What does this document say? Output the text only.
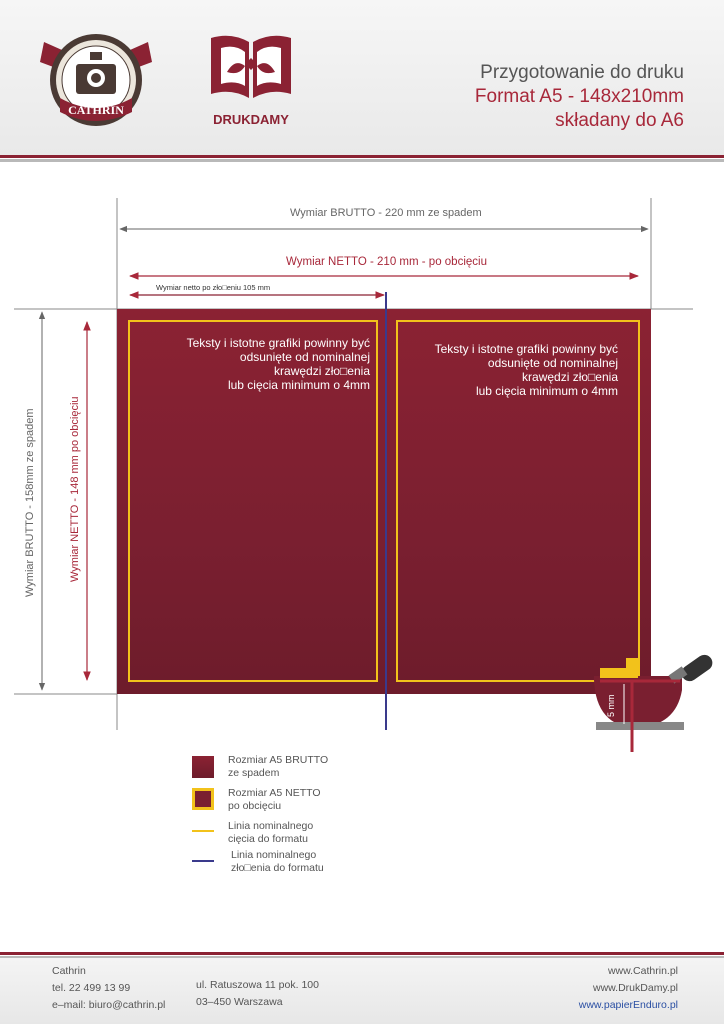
CATHRIN
DRUKDAMY
Przygotowanie do druku
Format A5 - 148x210mm
składany do A6
Wymiar BRUTTO - 220 mm ze spadem
Wymiar NETTO - 210 mm - po obcięciu
Wymiar netto po zło□eniu 105 mm
Wymiar BRUTTO - 158mm ze spadem	Wymiar NETTO - 148 mm po obcięciu
Teksty i istotne grafiki powinny być
odsunięte od nominalnej
krawędzi zło□enia
lub cięcia minimum o 4mm
Teksty i istotne grafiki powinny być
odsunięte od nominalnej
krawędzi zło□enia
lub cięcia minimum o 4mm
5 mm
Rozmiar A5 BRUTTO
ze spadem
Rozmiar A5 NETTO
po obcięciu
Linia nominalnego
cięcia do formatu
Linia nominalnego
zło□enia do formatu
Cathrin
tel. 22 499 13 99
e–mail: biuro@cathrin.pl
ul. Ratuszowa 11 pok. 100
03–450 Warszawa
www.Cathrin.pl
www.DrukDamy.pl
www.papierEnduro.pl
